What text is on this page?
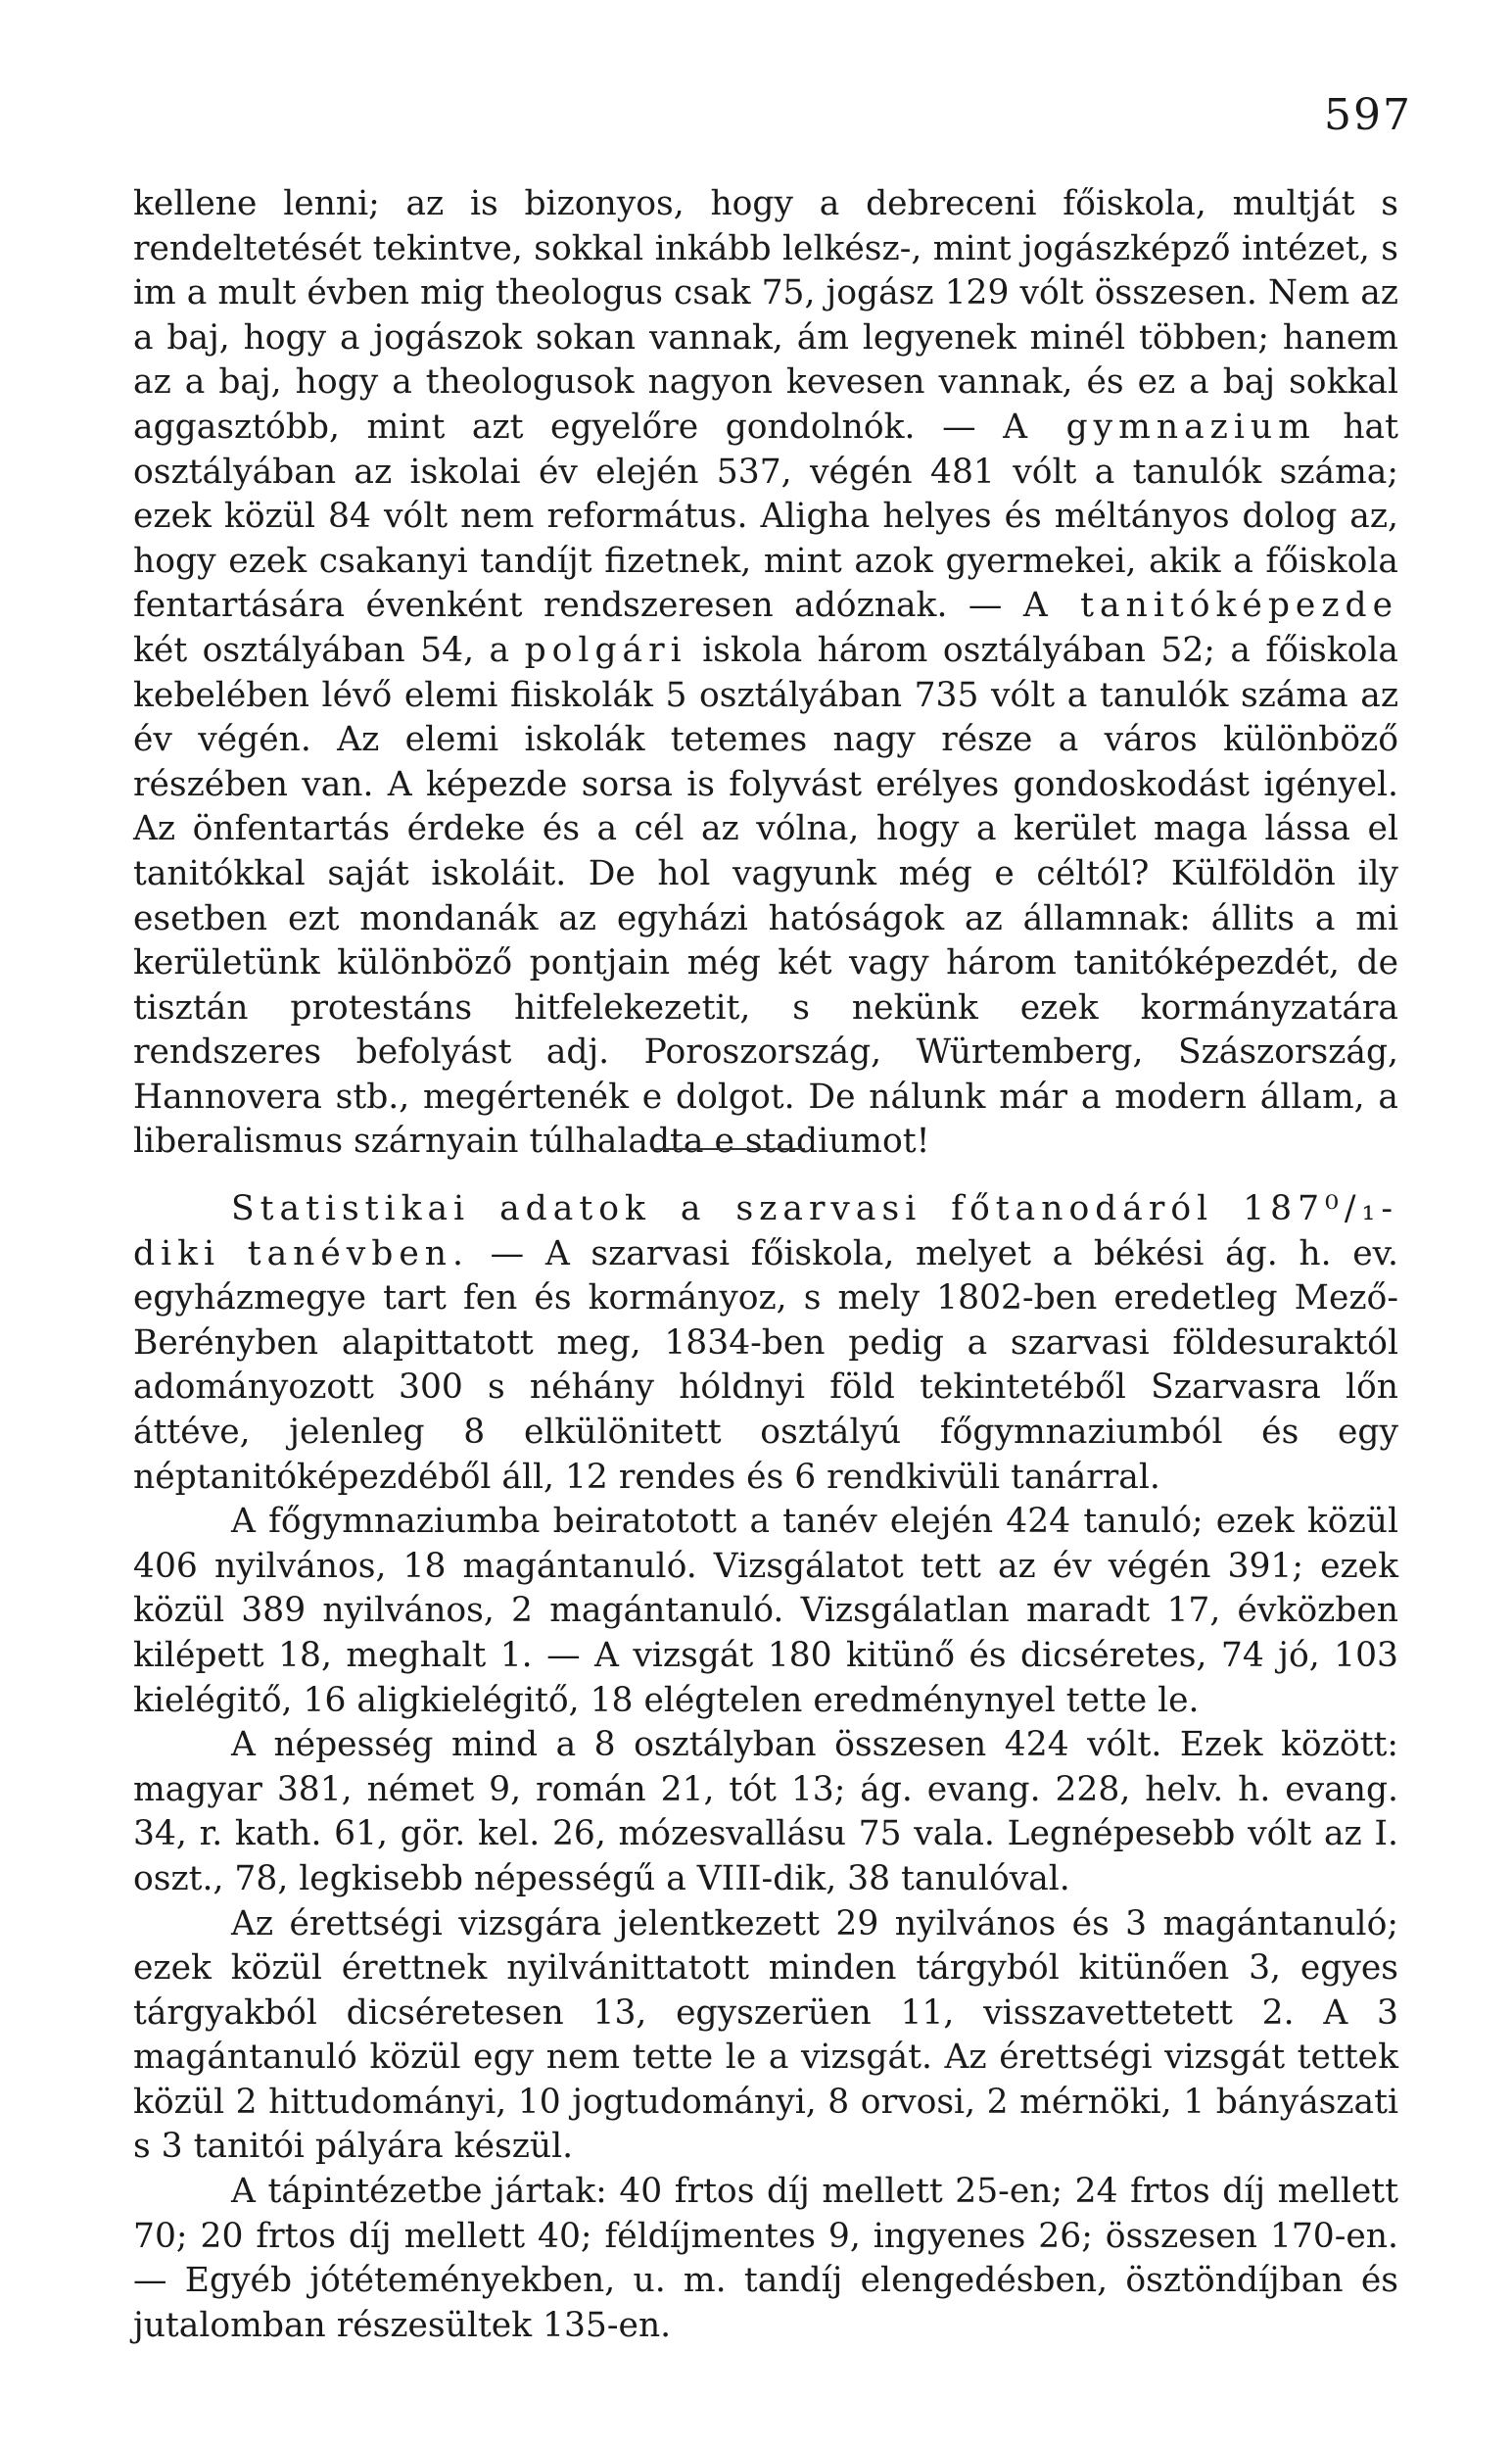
597

kellene lenni; az is bizonyos, hogy a debreceni főiskola, multját s rendeltetését tekintve, sokkal inkább lelkész-, mint jogászképző intézet, s im a mult évben mig theologus csak 75, jogász 129 vólt összesen. Nem az a baj, hogy a jogászok sokan vannak, ám legyenek minél többen; hanem az a baj, hogy a theologusok nagyon kevesen vannak, és ez a baj sokkal aggasztóbb, mint azt egyelőre gondolnók. — A gymnazium hat osztályában az iskolai év elején 537, végén 481 vólt a tanulók száma; ezek közül 84 vólt nem református. Aligha helyes és méltányos dolog az, hogy ezek csakanyi tandíjt fizetnek, mint azok gyermekei, akik a főiskola fentartására évenként rendszeresen adóznak. — A tanitóképezde két osztályában 54, a polgári iskola három osztályában 52; a főiskola kebelében lévő elemi fiiskolák 5 osztályában 735 vólt a tanulók száma az év végén. Az elemi iskolák tetemes nagy része a város különböző részében van. A képezde sorsa is folyvást erélyes gondoskodást igényel. Az önfentartás érdeke és a cél az vólna, hogy a kerület maga lássa el tanitókkal saját iskoláit. De hol vagyunk még e céltól? Külföldön ily esetben ezt mondanák az egyházi hatóságok az államnak: állits a mi kerületünk különböző pontjain még két vagy három tanitóképezdét, de tisztán protestáns hitfelekezetit, s nekünk ezek kormányzatára rendszeres befolyást adj. Poroszország, Würtemberg, Szászország, Hannovera stb., megértenék e dolgot. De nálunk már a modern állam, a liberalismus szárnyain túlhaladta e stadiumot!

Statistikai adatok a szarvasi főtanodáról 187⁰/₁-diki tanévben. — A szarvasi főiskola, melyet a békési ág. h. ev. egyházmegye tart fen és kormányoz, s mely 1802-ben eredetleg Mező-Berényben alapittatott meg, 1834-ben pedig a szarvasi földesuraktól adományozott 300 s néhány hóldnyi föld tekintetéből Szarvasra lőn áttéve, jelenleg 8 elkülönitett osztályú főgymnaziumból és egy néptanitóképezdéből áll, 12 rendes és 6 rendkivüli tanárral.

A főgymnaziumba beiratotott a tanév elején 424 tanuló; ezek közül 406 nyilvános, 18 magántanuló. Vizsgálatot tett az év végén 391; ezek közül 389 nyilvános, 2 magántanuló. Vizsgálatlan maradt 17, évközben kilépett 18, meghalt 1. — A vizsgát 180 kitünő és dicséretes, 74 jó, 103 kielégitő, 16 aligkielégitő, 18 elégtelen eredménynyel tette le.

A népesség mind a 8 osztályban összesen 424 vólt. Ezek között: magyar 381, német 9, román 21, tót 13; ág. evang. 228, helv. h. evang. 34, r. kath. 61, gör. kel. 26, mózesvallásu 75 vala. Legnépesebb vólt az I. oszt., 78, legkisebb népességű a VIII-dik, 38 tanulóval.

Az érettségi vizsgára jelentkezett 29 nyilvános és 3 magántanuló; ezek közül érettnek nyilvánittatott minden tárgyból kitünően 3, egyes tárgyakból dicséretesen 13, egyszerüen 11, visszavettetett 2. A 3 magántanuló közül egy nem tette le a vizsgát. Az érettségi vizsgát tettek közül 2 hittudományi, 10 jogtudományi, 8 orvosi, 2 mérnöki, 1 bányászati s 3 tanitói pályára készül.

A tápintézetbe jártak: 40 frtos díj mellett 25-en; 24 frtos díj mellett 70; 20 frtos díj mellett 40; féldíjmentes 9, ingyenes 26; összesen 170-en. — Egyéb jótéteményekben, u. m. tandíj elengedésben, ösztöndíjban és jutalomban részesültek 135-en.
